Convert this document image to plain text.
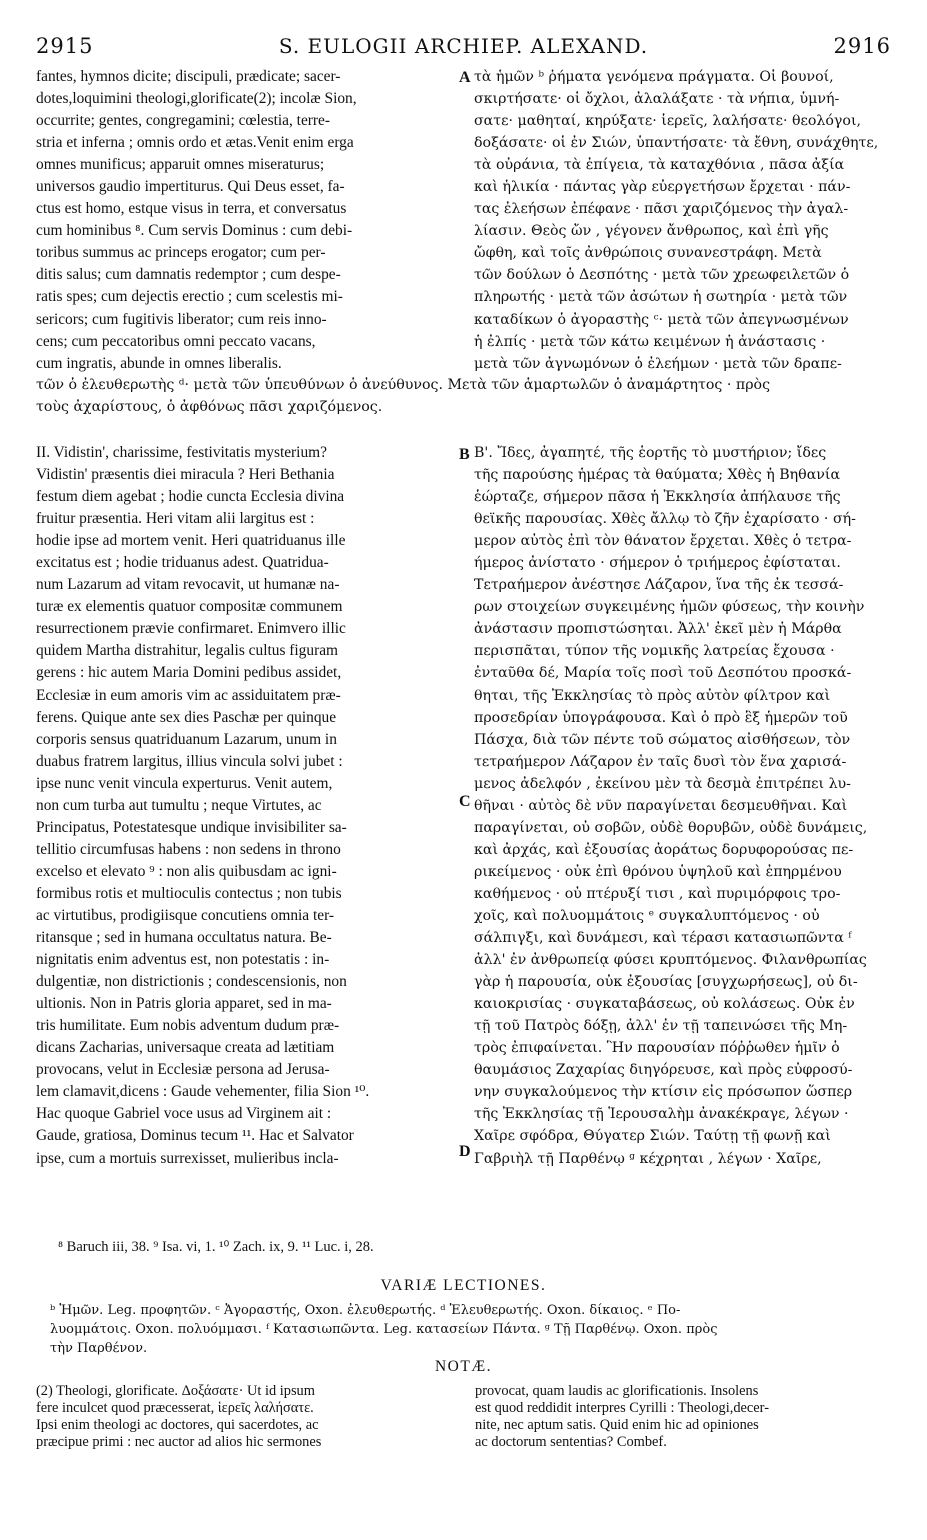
2915	S. EULOGII ARCHIEP. ALEXAND.	2916
fantes, hymnos dicite; discipuli, prædicate; sacer-
dotes,loquimini theologi,glorificate(2); incolæ Sion,
occurrite; gentes, congregamini; cœlestia, terre-
stria et inferna ; omnis ordo et ætas.Venit enim erga
omnes munificus; apparuit omnes miseraturus;
universos gaudio impertiturus. Qui Deus esset, fa-
ctus est homo, estque visus in terra, et conversatus
cum hominibus ⁸. Cum servis Dominus : cum debi-
toribus summus ac princeps erogator; cum per-
ditis salus; cum damnatis redemptor ; cum despe-
ratis spes; cum dejectis erectio ; cum scelestis mi-
sericors; cum fugitivis liberator; cum reis inno-
cens; cum peccatoribus omni peccato vacans,
cum ingratis, abunde in omnes liberalis.
τὰ ἡμῶν ᵇ ῥήματα γενόμενα πράγματα. Οἱ βουνοί,
σκιρτήσατε· οἱ ὄχλοι, ἀλαλάξατε · τὰ νήπια, ὑμνή-
σατε· μαθηταί, κηρύξατε· ἱερεῖς, λαλήσατε· θεολόγοι,
δοξάσατε· οἱ ἐν Σιών, ὑπαντήσατε· τὰ ἔθνη, συνάχθητε,
τὰ οὐράνια, τὰ ἐπίγεια, τὰ καταχθόνια , πᾶσα ἀξία
καὶ ἡλικία · πάντας γὰρ εὐεργετήσων ἔρχεται · πάν-
τας ἐλεήσων ἐπέφανε · πᾶσι χαριζόμενος τὴν ἀγαλ-
λίασιν. Θεὸς ὤν , γέγονεν ἄνθρωπος, καὶ ἐπὶ γῆς
ὤφθη, καὶ τοῖς ἀνθρώποις συνανεστράφη. Μετὰ
τῶν δούλων ὁ Δεσπότης · μετὰ τῶν χρεωφειλετῶν ὁ
πληρωτής · μετὰ τῶν ἀσώτων ἡ σωτηρία · μετὰ τῶν
καταδίκων ὁ ἀγοραστὴς ᶜ· μετὰ τῶν ἀπεγνωσμένων
ἡ ἐλπίς · μετὰ τῶν κάτω κειμένων ἡ ἀνάστασις ·
μετὰ τῶν ἀγνωμόνων ὁ ἐλεήμων · μετὰ τῶν δραπε-
τῶν ὁ ἐλευθερωτὴς ᵈ· μετὰ τῶν ὑπευθύνων ὁ ἀνεύθυνος. Μετὰ τῶν ἁμαρτωλῶν ὁ ἀναμάρτητος · πρὸς
τοὺς ἀχαρίστους, ὁ ἀφθόνως πᾶσι χαριζόμενος.
II. Vidistin', charissime, festivitatis mysterium?
Vidistin' præsentis diei miracula ? Heri Bethania
festum diem agebat ; hodie cuncta Ecclesia divina
fruitur præsentia. Heri vitam alii largitus est :
hodie ipse ad mortem venit. Heri quatriduanus ille
excitatus est ; hodie triduanus adest. Quatridua-
num Lazarum ad vitam revocavit, ut humanæ na-
turæ ex elementis quatuor compositæ communem
resurrectionem prævie confirmaret. Enimvero illic
quidem Martha distrahitur, legalis cultus figuram
gerens : hic autem Maria Domini pedibus assidet,
Ecclesiæ in eum amoris vim ac assiduitatem præ-
ferens. Quique ante sex dies Paschæ per quinque
corporis sensus quatriduanum Lazarum, unum in
duabus fratrem largitus, illius vincula solvi jubet :
ipse nunc venit vincula experturus. Venit autem,
non cum turba aut tumultu ; neque Virtutes, ac
Principatus, Potestatesque undique invisibiliter sa-
tellitio circumfusas habens : non sedens in throno
excelso et elevato ⁹ : non alis quibusdam ac igni-
formibus rotis et multioculis contectus ; non tubis
ac virtutibus, prodigiisque concutiens omnia ter-
ritansque ; sed in humana occultatus natura. Be-
nignitatis enim adventus est, non potestatis : in-
dulgentiæ, non districtionis ; condescensionis, non
ultionis. Non in Patris gloria apparet, sed in ma-
tris humilitate. Eum nobis adventum dudum præ-
dicans Zacharias, universaque creata ad lætitiam
provocans, velut in Ecclesiæ persona ad Jerusa-
lem clamavit,dicens : Gaude vehementer, filia Sion ¹⁰.
Hac quoque Gabriel voce usus ad Virginem ait :
Gaude, gratiosa, Dominus tecum ¹¹. Hac et Salvator
ipse, cum a mortuis surrexisset, mulieribus incla-
Β'. Ἴδες, ἀγαπητέ, τῆς ἑορτῆς τὸ μυστήριον; ἴδες
τῆς παρούσης ἡμέρας τὰ θαύματα; Χθὲς ἡ Βηθανία
ἑώρταζε, σήμερον πᾶσα ἡ Ἐκκλησία ἀπήλαυσε τῆς
θεϊκῆς παρουσίας. Χθὲς ἄλλῳ τὸ ζῆν ἐχαρίσατο · σή-
μερον αὐτὸς ἐπὶ τὸν θάνατον ἔρχεται. Χθὲς ὁ τετρα-
ήμερος ἀνίστατο · σήμερον ὁ τριήμερος ἐφίσταται.
Τετραήμερον ἀνέστησε Λάζαρον, ἵνα τῆς ἐκ τεσσά-
ρων στοιχείων συγκειμένης ἡμῶν φύσεως, τὴν κοινὴν
ἀνάστασιν προπιστώσηται. Ἀλλ' ἐκεῖ μὲν ἡ Μάρθα
περισπᾶται, τύπον τῆς νομικῆς λατρείας ἔχουσα ·
ἐνταῦθα δέ, Μαρία τοῖς ποσὶ τοῦ Δεσπότου προσκά-
θηται, τῆς Ἐκκλησίας τὸ πρὸς αὐτὸν φίλτρον καὶ
προσεδρίαν ὑπογράφουσα. Καὶ ὁ πρὸ ἓξ ἡμερῶν τοῦ
Πάσχα, διὰ τῶν πέντε τοῦ σώματος αἰσθήσεων, τὸν
τετραήμερον Λάζαρον ἐν ταῖς δυσὶ τὸν ἕνα χαρισά-
μενος ἀδελφόν , ἐκείνου μὲν τὰ δεσμὰ ἐπιτρέπει λυ-
θῆναι · αὐτὸς δὲ νῦν παραγίνεται δεσμευθῆναι. Καὶ
παραγίνεται, οὐ σοβῶν, οὐδὲ θορυβῶν, οὐδὲ δυνάμεις,
καὶ ἀρχάς, καὶ ἐξουσίας ἀοράτως δορυφορούσας πε-
ρικείμενος · οὐκ ἐπὶ θρόνου ὑψηλοῦ καὶ ἐπηρμένου
καθήμενος · οὐ πτέρυξί τισι , καὶ πυριμόρφοις τρο-
χοῖς, καὶ πολυομμάτοις ᵉ συγκαλυπτόμενος · οὐ
σάλπιγξι, καὶ δυνάμεσι, καὶ τέρασι κατασιωπῶντα ᶠ
ἀλλ' ἐν ἀνθρωπείᾳ φύσει κρυπτόμενος. Φιλανθρωπίας
γὰρ ἡ παρουσία, οὐκ ἐξουσίας [συγχωρήσεως], οὐ δι-
καιοκρισίας · συγκαταβάσεως, οὐ κολάσεως. Οὐκ ἐν
τῇ τοῦ Πατρὸς δόξῃ, ἀλλ' ἐν τῇ ταπεινώσει τῆς Μη-
τρὸς ἐπιφαίνεται. Ἣν παρουσίαν πόῤῥωθεν ἡμῖν ὁ
θαυμάσιος Ζαχαρίας διηγόρευσε, καὶ πρὸς εὐφροσύ-
νην συγκαλούμενος τὴν κτίσιν εἰς πρόσωπον ὥσπερ
τῆς Ἐκκλησίας τῇ Ἱερουσαλὴμ ἀνακέκραγε, λέγων ·
Χαῖρε σφόδρα, Θύγατερ Σιών. Ταύτῃ τῇ φωνῇ καὶ
Γαβριὴλ τῇ Παρθένῳ ᵍ κέχρηται , λέγων · Χαῖρε,
A
B
C
D
⁸ Baruch iii, 38. ⁹ Isa. vi, 1. ¹⁰ Zach. ix, 9. ¹¹ Luc. i, 28.
VARIÆ LECTIONES.
ᵇ Ἡμῶν. Leg. προφητῶν. ᶜ Ἀγοραστής, Oxon. ἐλευθερωτής. ᵈ Ἐλευθερωτής. Oxon. δίκαιος. ᵉ Πο-
λυομμάτοις. Oxon. πολυόμμασι. ᶠ Κατασιωπῶντα. Leg. κατασείων Πάντα. ᵍ Τῇ Παρθένῳ. Oxon. πρὸς
τὴν Παρθένον.
NOTÆ.
(2) Theologi, glorificate. Δοξάσατε· Ut id ipsum
fere inculcet quod præcesserat, ἱερεῖς λαλήσατε.
Ipsi enim theologi ac doctores, qui sacerdotes, ac
præcipue primi : nec auctor ad alios hic sermones
provocat, quam laudis ac glorificationis. Insolens
est quod reddidit interpres Cyrilli : Theologi,decer-
nite, nec aptum satis. Quid enim hic ad opiniones
ac doctorum sententias? Combef.
